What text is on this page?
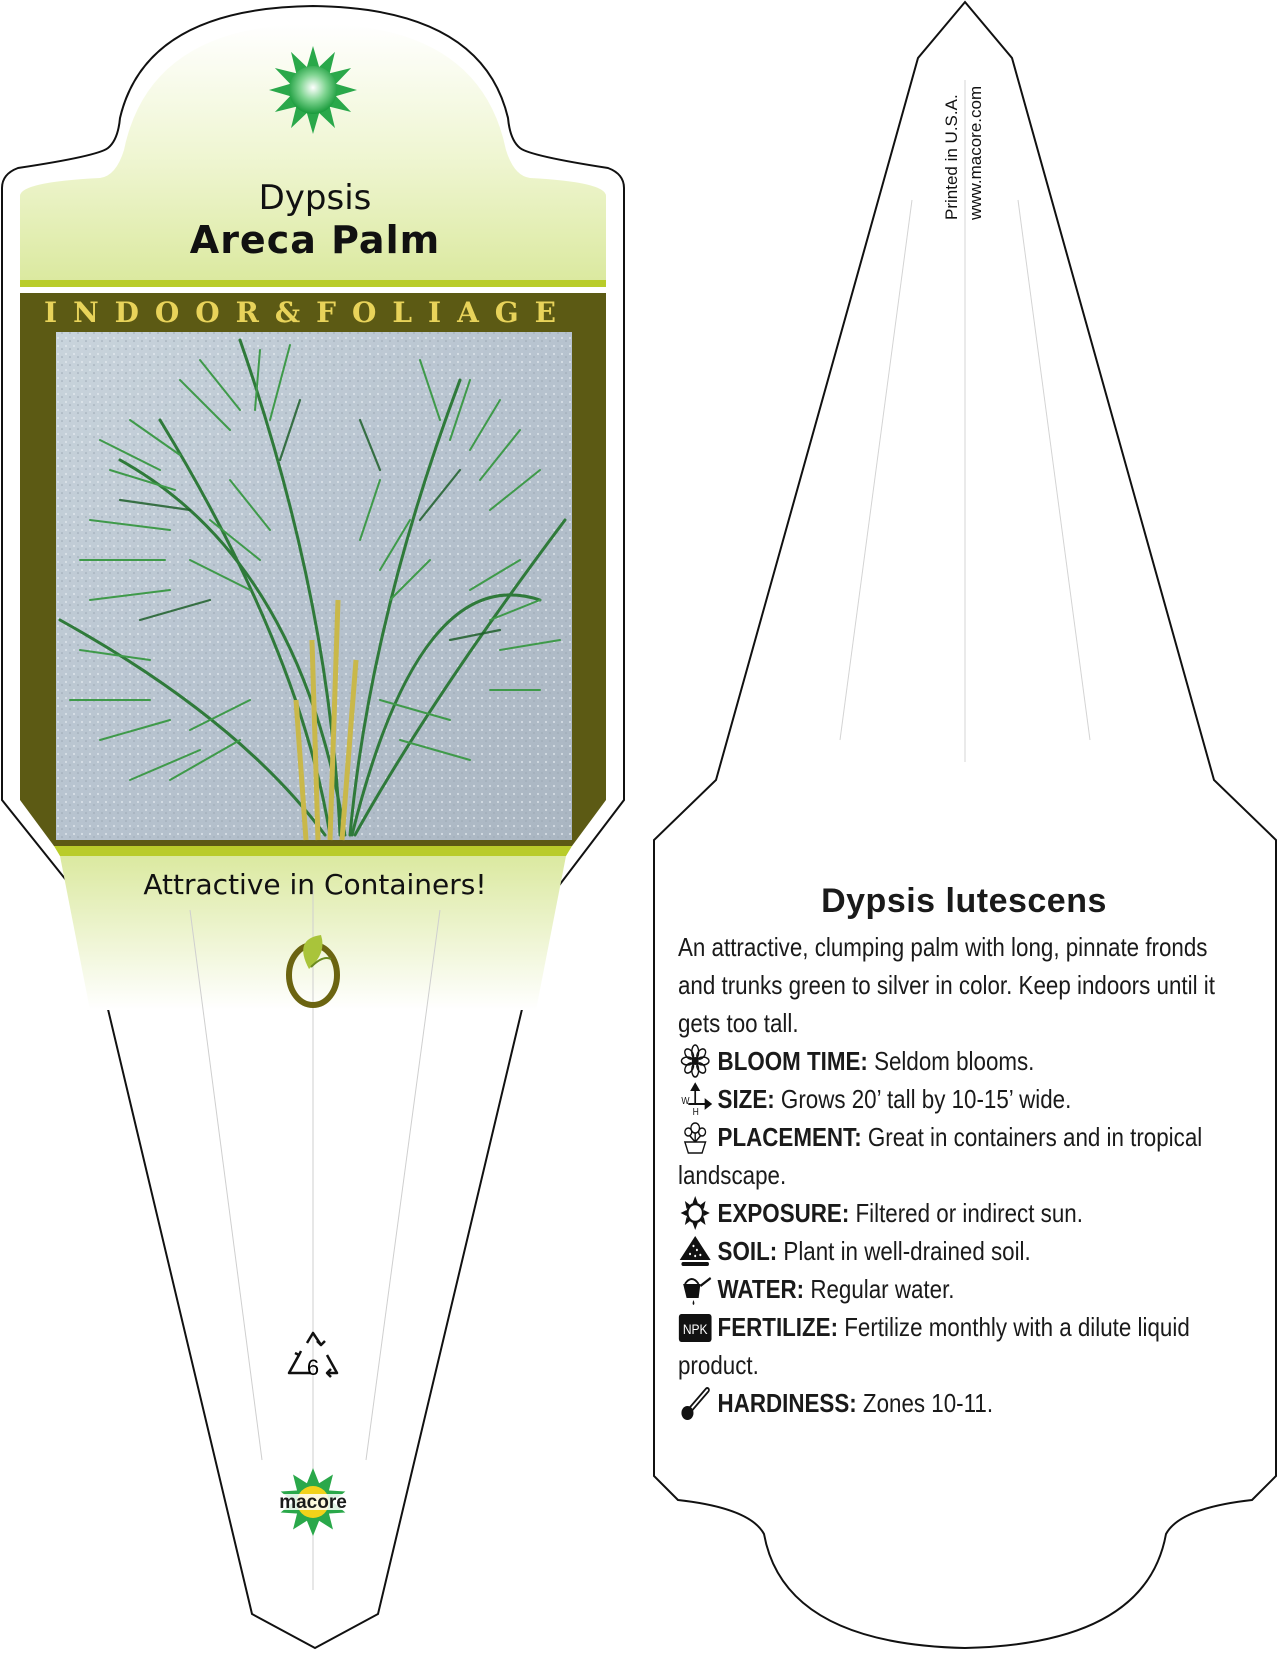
Dypsis
Areca Palm
I N D O O R & F O L I A G E
Attractive in Containers!
6
macore
Printed in U.S.A. www.macore.com
Dypsis lutescens
An attractive, clumping palm with long, pinnate fronds and trunks green to silver in color. Keep indoors until it gets too tall.
BLOOM TIME: Seldom blooms.
W
H SIZE: Grows 20’ tall by 10-15’ wide.
PLACEMENT: Great in containers and in tropical landscape.
EXPOSURE: Filtered or indirect sun.
SOIL: Plant in well-drained soil.
WATER: Regular water.
NPK FERTILIZE: Fertilize monthly with a dilute liquid product.
HARDINESS: Zones 10-11.
